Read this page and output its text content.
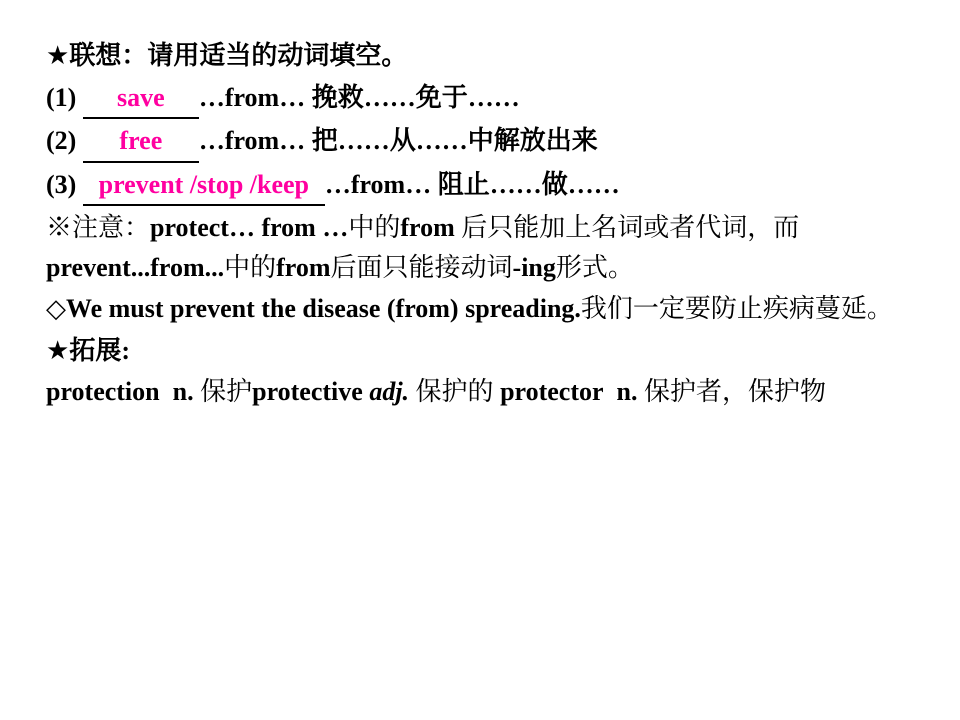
★联想：请用适当的动词填空。
(1) save …from… 挽救……免于……
(2) free …from… 把……从……中解放出来
(3) prevent /stop /keep …from… 阻止……做……
※注意：protect… from …中的from 后只能加上名词或者代词，而prevent...from...中的from后面只能接动词-ing形式。
◇We must prevent the disease (from) spreading.我们一定要防止疾病蔓延。
★拓展:
protection n. 保护protective adj. 保护的 protector n. 保护者，保护物
